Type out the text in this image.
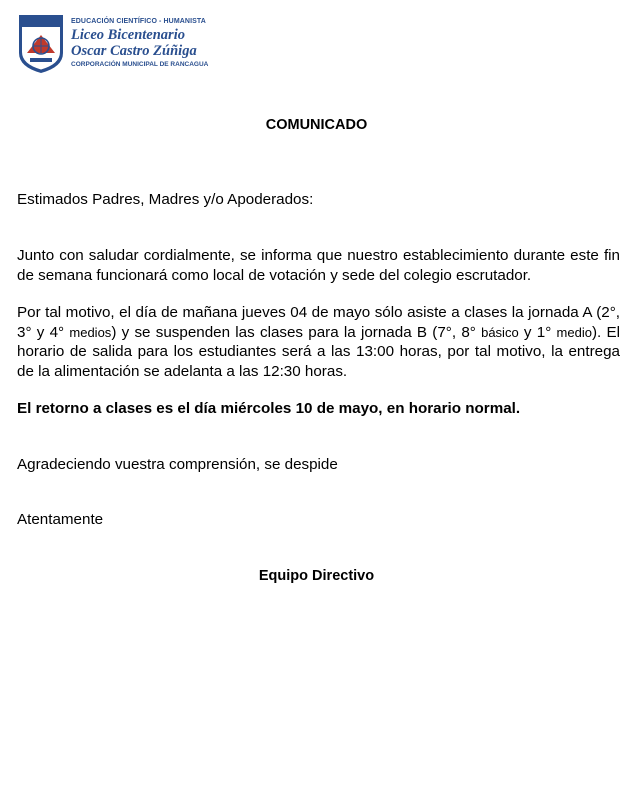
EDUCACIÓN CIENTÍFICO - HUMANISTA
Liceo Bicentenario
Oscar Castro Zúñiga
CORPORACIÓN MUNICIPAL DE RANCAGUA
COMUNICADO

Estimados Padres, Madres y/o Apoderados:

Junto con saludar cordialmente, se informa que nuestro establecimiento durante este fin de semana funcionará como local de votación y sede del colegio escrutador.

Por tal motivo, el día de mañana jueves 04 de mayo sólo asiste a clases la jornada A (2°, 3° y 4° medios) y se suspenden las clases para la jornada B (7°, 8° básico y 1° medio). El horario de salida para los estudiantes será a las 13:00 horas, por tal motivo, la entrega de la alimentación se adelanta a las 12:30 horas.

El retorno a clases es el día miércoles 10 de mayo, en horario normal.

Agradeciendo vuestra comprensión, se despide

Atentamente

Equipo Directivo
